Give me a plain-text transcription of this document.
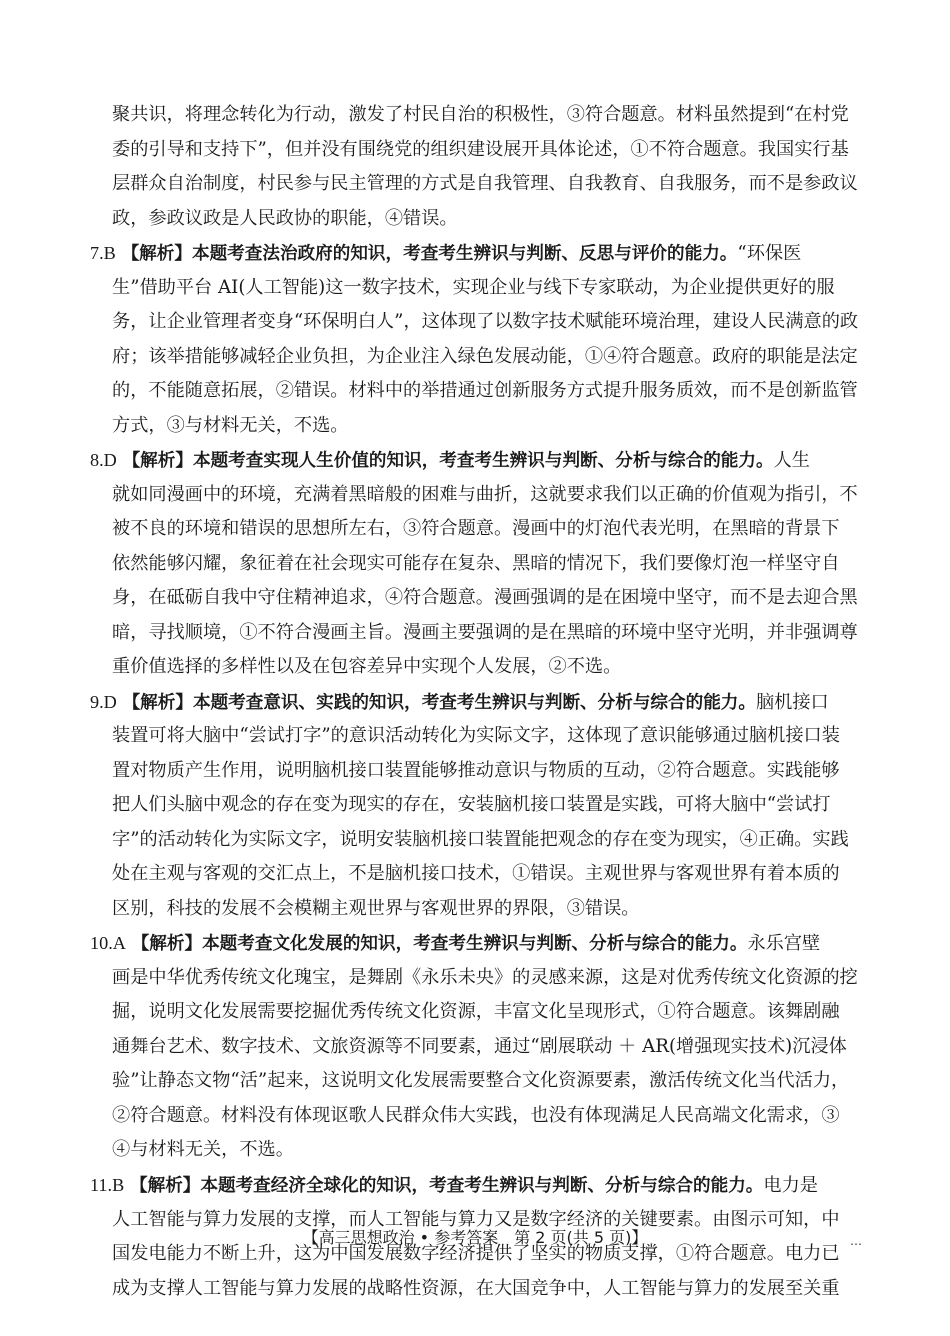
聚共识，将理念转化为行动，激发了村民自治的积极性，③符合题意。材料虽然提到“在村党
委的引导和支持下”，但并没有围绕党的组织建设展开具体论述，①不符合题意。我国实行基
层群众自治制度，村民参与民主管理的方式是自我管理、自我教育、自我服务，而不是参政议
政，参政议政是人民政协的职能，④错误。
7.B 【解析】本题考查法治政府的知识，考查考生辨识与判断、反思与评价的能力。“环保医
生”借助平台 AI(人工智能)这一数字技术，实现企业与线下专家联动，为企业提供更好的服
务，让企业管理者变身“环保明白人”，这体现了以数字技术赋能环境治理，建设人民满意的政
府；该举措能够减轻企业负担，为企业注入绿色发展动能，①④符合题意。政府的职能是法定
的，不能随意拓展，②错误。材料中的举措通过创新服务方式提升服务质效，而不是创新监管
方式，③与材料无关，不选。
8.D 【解析】本题考查实现人生价值的知识，考查考生辨识与判断、分析与综合的能力。人生
就如同漫画中的环境，充满着黑暗般的困难与曲折，这就要求我们以正确的价值观为指引，不
被不良的环境和错误的思想所左右，③符合题意。漫画中的灯泡代表光明，在黑暗的背景下
依然能够闪耀，象征着在社会现实可能存在复杂、黑暗的情况下，我们要像灯泡一样坚守自
身，在砥砺自我中守住精神追求，④符合题意。漫画强调的是在困境中坚守，而不是去迎合黑
暗，寻找顺境，①不符合漫画主旨。漫画主要强调的是在黑暗的环境中坚守光明，并非强调尊
重价值选择的多样性以及在包容差异中实现个人发展，②不选。
9.D 【解析】本题考查意识、实践的知识，考查考生辨识与判断、分析与综合的能力。脑机接口
装置可将大脑中“尝试打字”的意识活动转化为实际文字，这体现了意识能够通过脑机接口装
置对物质产生作用，说明脑机接口装置能够推动意识与物质的互动，②符合题意。实践能够
把人们头脑中观念的存在变为现实的存在，安装脑机接口装置是实践，可将大脑中“尝试打
字”的活动转化为实际文字，说明安装脑机接口装置能把观念的存在变为现实，④正确。实践
处在主观与客观的交汇点上，不是脑机接口技术，①错误。主观世界与客观世界有着本质的
区别，科技的发展不会模糊主观世界与客观世界的界限，③错误。
10.A 【解析】本题考查文化发展的知识，考查考生辨识与判断、分析与综合的能力。永乐宫壁
画是中华优秀传统文化瑰宝，是舞剧《永乐未央》的灵感来源，这是对优秀传统文化资源的挖
掘，说明文化发展需要挖掘优秀传统文化资源，丰富文化呈现形式，①符合题意。该舞剧融
通舞台艺术、数字技术、文旅资源等不同要素，通过“剧展联动 ＋ AR(增强现实技术)沉浸体
验”让静态文物“活”起来，这说明文化发展需要整合文化资源要素，激活传统文化当代活力，
②符合题意。材料没有体现讴歌人民群众伟大实践，也没有体现满足人民高端文化需求，③
④与材料无关，不选。
11.B 【解析】本题考查经济全球化的知识，考查考生辨识与判断、分析与综合的能力。电力是
【高三思想政治 • 参考答案　第 2 页(共 5 页)】	⋯
人工智能与算力发展的支撑，而人工智能与算力又是数字经济的关键要素。由图示可知，中
国发电能力不断上升，这为中国发展数字经济提供了坚实的物质支撑，①符合题意。电力已
成为支撑人工智能与算力发展的战略性资源，在大国竞争中，人工智能与算力的发展至关重
